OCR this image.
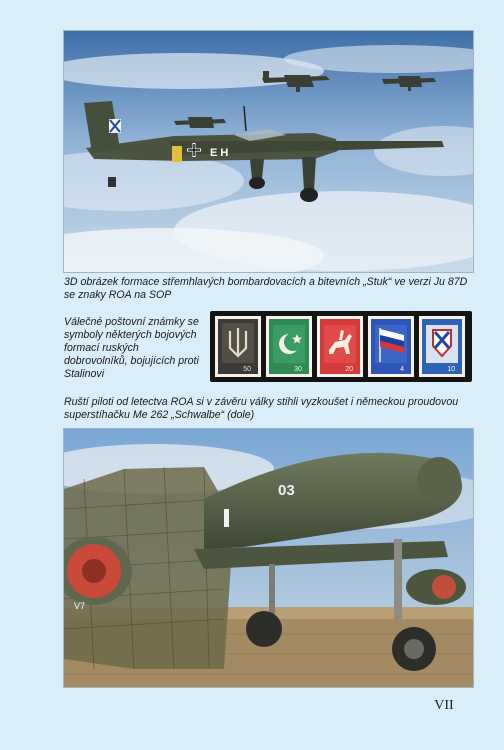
E H

3D obrázek formace střemhlavých bombardovacích a bitevních „Stuk“ ve verzi Ju 87D se znaky ROA na SOP

Válečné poštovní známky se symboly některých bojových formací ruských dobrovolníků, bojujících proti Stalinovi	50	30	20	4	10

Ruští piloti od letectva ROA si v závěru války stihli vyzkoušet i německou proudovou superstíhačku Me 262 „Schwalbe“ (dole)

03
V7
VII
